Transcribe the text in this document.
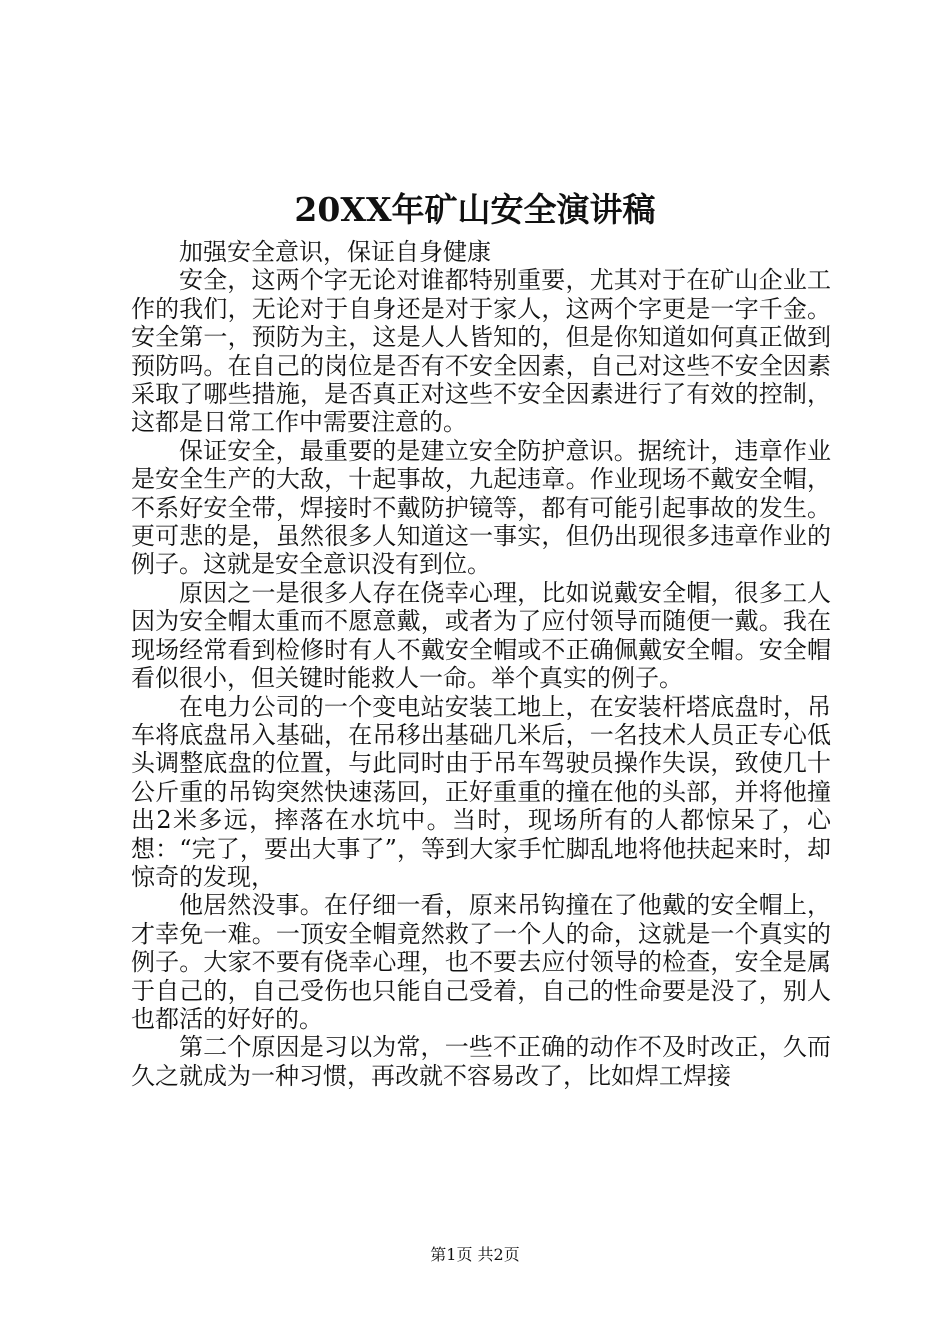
20XX年矿山安全演讲稿

加强安全意识，保证自身健康

安全，这两个字无论对谁都特别重要，尤其对于在矿山企业工作的我们，无论对于自身还是对于家人，这两个字更是一字千金。安全第一，预防为主，这是人人皆知的，但是你知道如何真正做到预防吗。在自己的岗位是否有不安全因素，自己对这些不安全因素采取了哪些措施，是否真正对这些不安全因素进行了有效的控制，这都是日常工作中需要注意的。

保证安全，最重要的是建立安全防护意识。据统计，违章作业是安全生产的大敌，十起事故，九起违章。作业现场不戴安全帽，不系好安全带，焊接时不戴防护镜等，都有可能引起事故的发生。更可悲的是，虽然很多人知道这一事实，但仍出现很多违章作业的例子。这就是安全意识没有到位。

原因之一是很多人存在侥幸心理，比如说戴安全帽，很多工人因为安全帽太重而不愿意戴，或者为了应付领导而随便一戴。我在现场经常看到检修时有人不戴安全帽或不正确佩戴安全帽。安全帽看似很小，但关键时能救人一命。举个真实的例子。

在电力公司的一个变电站安装工地上，在安装杆塔底盘时，吊车将底盘吊入基础，在吊移出基础几米后，一名技术人员正专心低头调整底盘的位置，与此同时由于吊车驾驶员操作失误，致使几十公斤重的吊钩突然快速荡回，正好重重的撞在他的头部，并将他撞出2米多远，摔落在水坑中。当时，现场所有的人都惊呆了，心想：“完了，要出大事了”，等到大家手忙脚乱地将他扶起来时，却惊奇的发现，

他居然没事。在仔细一看，原来吊钩撞在了他戴的安全帽上，才幸免一难。一顶安全帽竟然救了一个人的命，这就是一个真实的例子。大家不要有侥幸心理，也不要去应付领导的检查，安全是属于自己的，自己受伤也只能自己受着，自己的性命要是没了，别人也都活的好好的。

第二个原因是习以为常，一些不正确的动作不及时改正，久而久之就成为一种习惯，再改就不容易改了，比如焊工焊接

第1页 共2页
